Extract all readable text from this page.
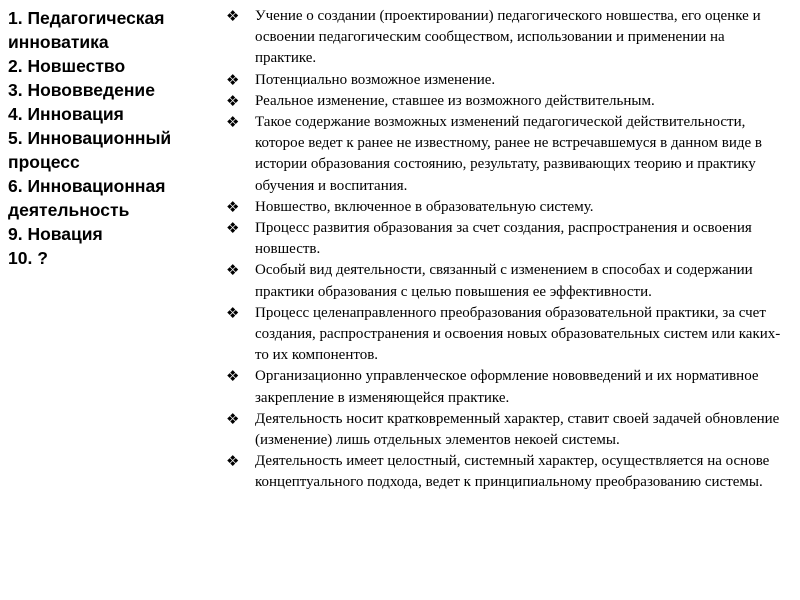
1. Педагогическая инноватика
2. Новшество
3. Нововведение
4. Инновация
5. Инновационный процесс
6. Инновационная деятельность
9. Новация
10. ?
❖	Учение о создании (проектировании) педагогического новшества, его оценке и освоении педагогическим сообществом, использовании и применении на практике.
❖	Потенциально возможное изменение.
❖	Реальное изменение, ставшее из возможного действительным.
❖	Такое содержание возможных изменений педагогической действительности, которое ведет к ранее не известному, ранее не встречавшемуся в данном виде в истории образования состоянию, результату, развивающих теорию и практику обучения и воспитания.
❖	Новшество, включенное в образовательную систему.
❖	Процесс развития образования за счет создания, распространения и освоения новшеств.
❖	Особый вид деятельности, связанный с изменением в способах и содержании практики образования с целью повышения ее эффективности.
❖	Процесс целенаправленного преобразования образовательной практики, за счет создания, распространения и освоения новых образовательных систем или каких-то их компонентов.
❖	Организационно управленческое оформление нововведений и их нормативное закрепление в изменяющейся практике.
❖	Деятельность носит кратковременный характер, ставит своей задачей обновление (изменение) лишь отдельных элементов некоей системы.
❖	Деятельность имеет целостный, системный характер, осуществляется на основе концептуального подхода, ведет к принципиальному преобразованию системы.
